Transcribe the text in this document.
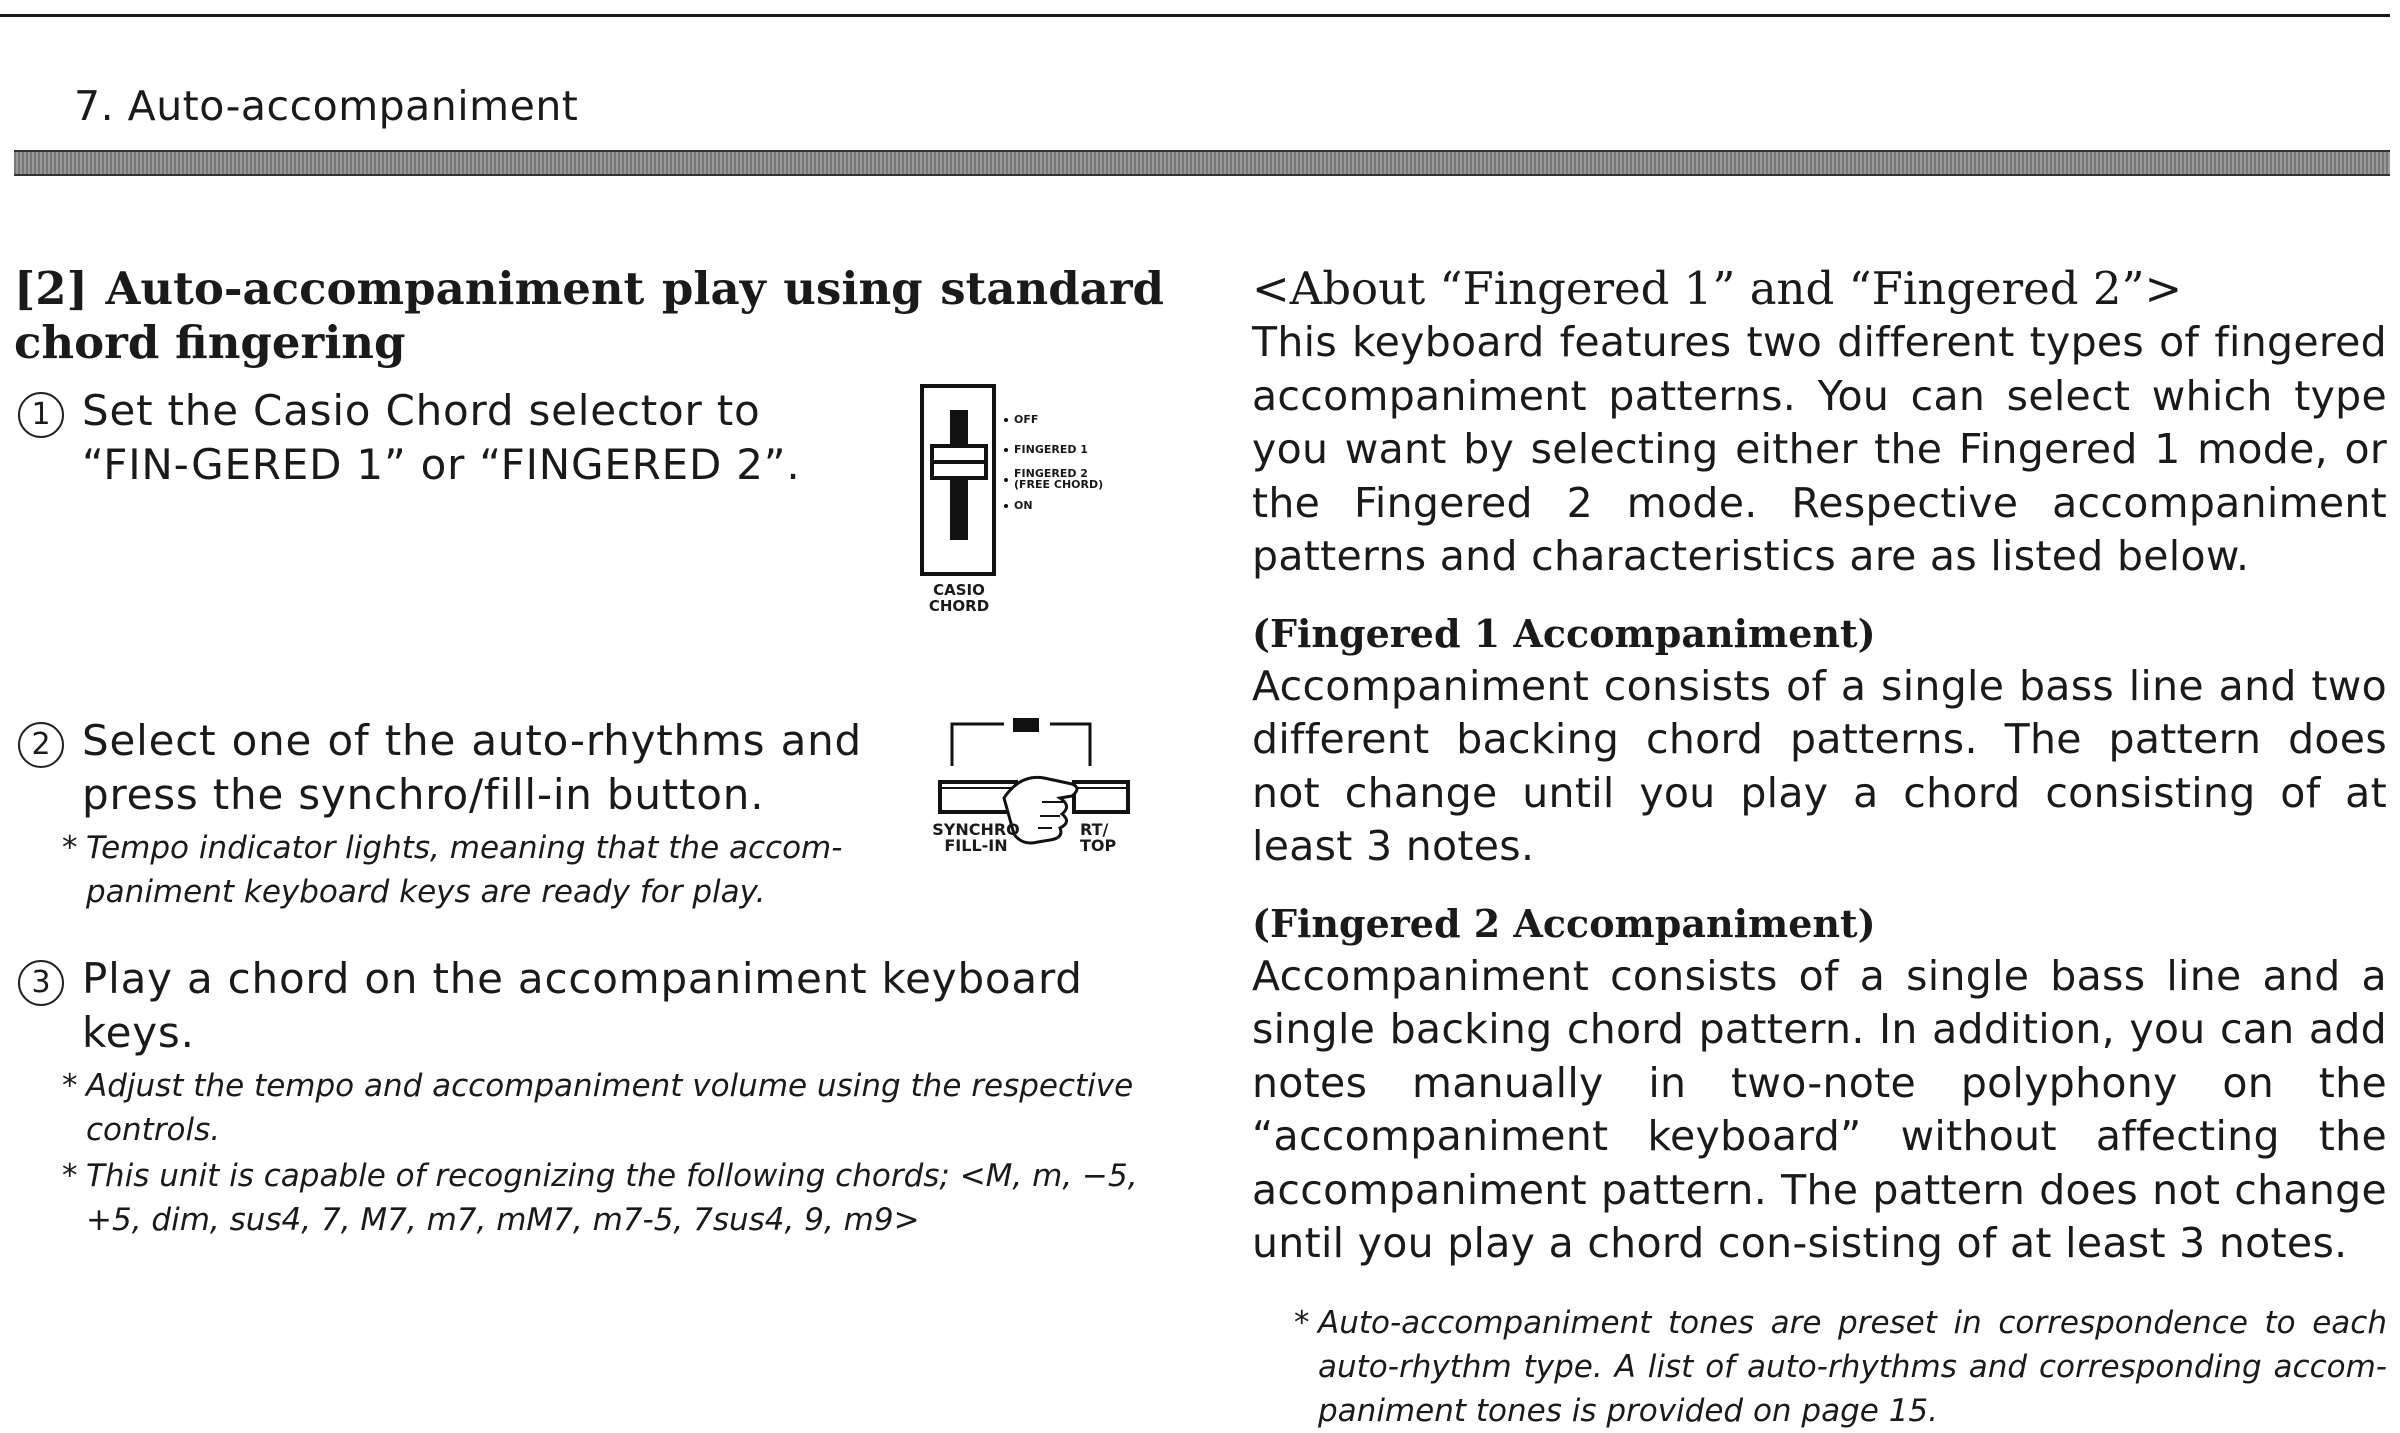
7. Auto-accompaniment
[2] Auto-accompaniment play using standard chord fingering
1 Set the Casio Chord selector to “FIN-GERED 1” or “FINGERED 2”.
2 Select one of the auto-rhythms and press the synchro/fill-in button.
* Tempo indicator lights, meaning that the accom-paniment keyboard keys are ready for play.
3 Play a chord on the accompaniment keyboard keys.
* Adjust the tempo and accompaniment volume using the respective controls.
* This unit is capable of recognizing the following chords; <M, m, −5, +5, dim, sus4, 7, M7, m7, mM7, m7-5, 7sus4, 9, m9>
OFF
FINGERED 1
FINGERED 2
(FREE CHORD)
ON
CASIO
CHORD
SYNCHRO
FILL-IN
RT/
TOP
<About “Fingered 1” and “Fingered 2”>
This keyboard features two different types of fingered accompaniment patterns. You can select which type you want by selecting either the Fingered 1 mode, or the Fingered 2 mode. Respective accompaniment patterns and characteristics are as listed below.
(Fingered 1 Accompaniment)
Accompaniment consists of a single bass line and two different backing chord patterns. The pattern does not change until you play a chord consisting of at least 3 notes.
(Fingered 2 Accompaniment)
Accompaniment consists of a single bass line and a single backing chord pattern. In addition, you can add notes manually in two-note polyphony on the “accompaniment keyboard” without affecting the accompaniment pattern. The pattern does not change until you play a chord con-sisting of at least 3 notes.
* Auto-accompaniment tones are preset in correspondence to each auto-rhythm type. A list of auto-rhythms and corresponding accom-paniment tones is provided on page 15.
